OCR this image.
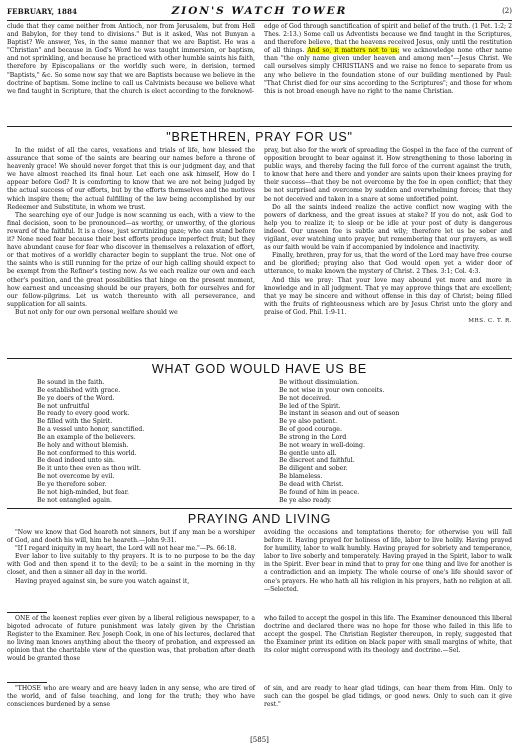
FEBRUARY, 1884	ZION'S WATCH TOWER	(2)

clude that they came neither from Antioch, nor from Jerusalem, but from Hell and Babylon, for they tend to divisions." But is it asked, Was not Bunyan a Baptist? We answer, Yes, in the same manner that we are Baptist. He was a "Christian" and because in God's Word he was taught immersion, or baptism, and not sprinkling, and because he practiced with other humble saints his faith, therefore by Episcopalians or the worldly such were, in derision, termed "Baptists," &c. So some now say that we are Baptists because we believe in the doctrine of baptism. Some incline to call us Calvinists because we believe what we find taught in Scripture, that the church is elect according to the foreknowl-

edge of God through sanctification of spirit and belief of the truth. (1 Pet. 1:2; 2 Thes. 2:13.) Some call us Adventists because we find taught in the Scriptures, and therefore believe, that the heavens received Jesus, only until the restitution of all things. And so, it matters not to us; we acknowledge none other name than "the only name given under heaven and among men"—Jesus Christ. We call ourselves simply CHRISTIANS and we raise no fence to separate from us any who believe in the foundation stone of our building mentioned by Paul: "That Christ died for our sins according to the Scriptures"; and those for whom this is not broad enough have no right to the name Christian.

"BRETHREN, PRAY FOR US"

In the midst of all the cares, vexations and trials of life, how blessed the assurance that some of the saints are bearing our names before a throne of heavenly grace! We should never forget that this is our judgment day, and that we have almost reached its final hour. Let each one ask himself, How do I appear before God? It is comforting to know that we are not being judged by the actual success of our efforts, but by the efforts themselves and the motives which inspire them; the actual fulfilling of the law being accomplished by our Redeemer and Substitute, in whom we trust.

The searching eye of our Judge is now scanning us each, with a view to the final decision, soon to be pronounced—as worthy, or unworthy, of the glorious reward of the faithful. It is a close, just scrutinizing gaze; who can stand before it? None need fear because their best efforts produce imperfect fruit; but they have abundant cause for fear who discover in themselves a relaxation of effort, or that motives of a worldly character begin to supplant the true. Not one of the saints who is still running for the prize of our high calling should expect to be exempt from the Refiner's testing now. As we each realize our own and each other's position, and the great possibilities that hinge on the present moment, how earnest and unceasing should be our prayers, both for ourselves and for our fellow-pilgrims. Let us watch thereunto with all perseverance, and supplication for all saints.

But not only for our own personal welfare should we

pray, but also for the work of spreading the Gospel in the face of the current of opposition brought to bear against it. How strengthening to those laboring in public ways, and thereby facing the full force of the current against the truth, to know that here and there and yonder are saints upon their knees praying for their success—that they be not overcome by the foe in open conflict; that they be not surprised and overcome by sudden and overwhelming forces; that they be not deceived and taken in a snare at some unfortified point.

Do all the saints indeed realize the active conflict now waging with the powers of darkness, and the great issues at stake? If you do not, ask God to help you to realize it; to sleep or be idle at your post of duty is dangerous indeed. Our unseen foe is subtle and wily; therefore let us be sober and vigilant, ever watching unto prayer, but remembering that our prayers, as well as our faith would be vain if accompanied by indolence and inactivity.

Finally, brethren, pray for us, that the word of the Lord may have free course and be glorified; praying also that God would open yet a wider door of utterance, to make known the mystery of Christ. 2 Thes. 3:1; Col. 4:3.

And this we pray: That your love may abound yet more and more in knowledge and in all judgment. That ye may approve things that are excellent; that ye may be sincere and without offense in this day of Christ; being filled with the fruits of righteousness which are by Jesus Christ unto the glory and praise of God. Phil. 1:9-11.

MRS. C. T. R.
WHAT GOD WOULD HAVE US BE
Be sound in the faith.
Be established with grace.
Be ye doers of the Word.
Be not unfruitful
Be ready to every good work.
Be filled with the Spirit.
Be a vessel unto honor, sanctified.
Be an example of the believers.
Be holy and without blemish.
Be not conformed to this world.
Be dead indeed unto sin.
Be it unto thee even as thou wilt.
Be not overcome by evil.
Be ye therefore sober.
Be not high-minded, but fear.
Be not entangled again.
Be without dissimulation.
Be not wise in your own conceits.
Be not deceived.
Be led of the Spirit.
Be instant in season and out of season
Be ye also patient.
Be of good courage.
Be strong in the Lord
Be not weary in well-doing.
Be gentle unto all.
Be discreet and faithful.
Be diligent and sober.
Be blameless.
Be dead with Christ.
Be found of him in peace.
Be ye also ready.
PRAYING AND LIVING

"Now we know that God heareth not sinners, but if any man be a worshiper of God, and doeth his will, him he heareth.—John 9:31.

"If I regard iniquity in my heart, the Lord will not hear me."—Ps. 66:18.

Ever labor to live suitably to thy prayers. It is to no purpose to be the day with God and then spend it to the devil; to be a saint in the morning in thy closet, and then a sinner all day in the world.

Having prayed against sin, be sure you watch against it,

avoiding the occasions and temptations thereto; for otherwise you will fall before it. Having prayed for holiness of life, labor to live holily. Having prayed for humility, labor to walk humbly. Having prayed for sobriety and temperance, labor to live soberly and temperately. Having prayed in the Spirit, labor to walk in the Spirit. Ever bear in mind that to pray for one thing and live for another is a contradiction and an impiety. The whole course of one's life should savor of one's prayers. He who hath all his religion in his prayers, hath no religion at all.—Selected.

ONE of the keenest replies ever given by a liberal religious newspaper, to a bigoted advocate of future punishment was lately given by the Christian Register to the Examiner. Rev. Joseph Cook, in one of his lectures, declared that no living man knows anything about the theory of probation, and expressed an opinion that the charitable view of the question was, that probation after death would be granted those

who failed to accept the gospel in this life. The Examiner denounced this liberal doctrine and declared there was no hope for those who failed in this life to accept the gospel. The Christian Register thereupon, in reply, suggested that the Examiner print its edition on black paper with small margins of white, that its color might correspond with its theology and doctrine.—Sel.

"THOSE who are weary and are heavy laden in any sense, who are tired of the world, and of false teaching, and long for the truth; they who have consciences burdened by a sense

of sin, and are ready to hear glad tidings, can hear them from Him. Only to such can the gospel be glad tidings, or good news. Only to such can it give rest."

[585]
